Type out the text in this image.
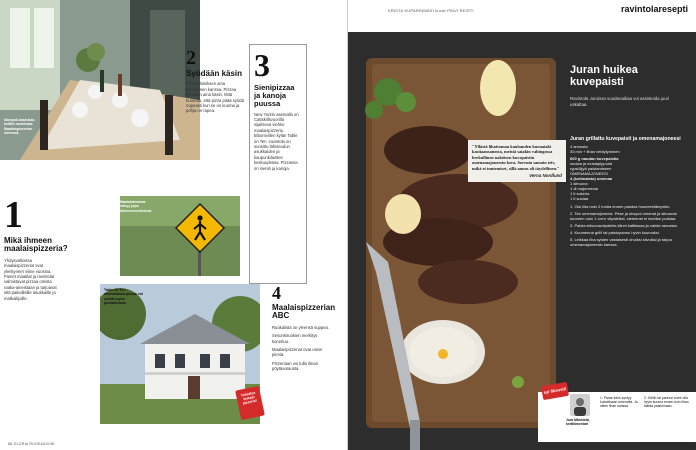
Sampoli-laadukas keittiö ravintolaa Maalaispizzerian vieressä.
2
Syödään käsin
Pizzaeläimiksen aina pizzaviinen kanssa. Pizzaa syödään aina käsin. Mitä huomaa, että pizza pitää syödä nopeasti kun se on kuuma ja pohja on rapea.
3
Sienipizzaa ja kanoja puussa
New Yorkin asemalla on Cattskillsvuorilla sijaitseva viehko maalaispizzeria. Bloomvillen kylän Table on Ten -ravintola on suosittu lähiseudun asukkaiden ja kaupunkilaisten keskuudessa. Pizzassa on sieniä ja kanoja.
1
Mikä ihmeen maalaispizzeria?
Yhdysvaltoissa maalaispizzeriat ovat yleistyneet viime vuosina. Pienet maatilat ja ravintolat valmistavat pizzaa omista raaka-aineistaan ja tarjoavat sitä paikallisille asukkaille ja matkailijoille.
Maalaisteemaa näkyy jopa liikennemerkeissä.
Table on Ten -ravintolassa pizzaa voi syödä myös puutarhassa.
Toimitus testasi pizzeria!
4
Maalaispizzerian ABC
Ruokalista on yleensä suppea.
Sesonkiruokien merkitys korostuu.
Maalaispizzeriat ovat usein pieniä.
Pizzeriaan voi tulla ilman pöytävarausta.
88 GLORIA RUOKA&VIINI
KRISTA KUPARINMÄKI kuvat PÄIVI REISTI	ravintolaresepti
Juran huikea kuvepaisti
Ravintola Juroissa vuodenaikaa voi assistoida juuri uskaltaa.
"Yllästä lihattoman kauhanden kuonaiaki kastiaansanosta, meistä saiakin vahingossa herkullinen naköisen kuvepaistin omenamajoneesin kera. Sorruin samoin teiv, mikä ei tuntemiset, sillä annos oli täydellinen."
Verna Nordlund
Juran grillattu kuvepaisti ja omenamajoneesi
4 annosta
30 min + lihan vetäytyminen
600 g naudan kuvepaistia
suolaa ja mustapippuria
rypsiöljyä paistamiseen
OMENAMAJONEESI
4 (kotimaista) omenaa
1 sitruuna
1 dl majoneesia
1 tl sokeria
1 tl suolaa
1. Ota liha noin 2 tuntia ennen paistoa huoneenlämpöön.
2. Tee omenamajoneesi. Pese ja sivupoi omenat ja sitruunat kuoreen noin 1 cm:n viipaleiksi, siemenet ei tarvitse poistaa.
3. Paista sitruunaviipaleita kiinni kattilassa ja valuta rasvasta.
4. Kuumenna grilli tai paistopannu hyvin kuumaksi.
5. Leikkaa liha syiden vastaisesti ohuiksi siivuiksi ja tarjoa omenamajoneesin kanssa.
syi fiksusti!
Jura Männistö, keittiömestari
1. Paras tulos syntyy kuivattuaan omenoita. Ja sitten lihan kanssa.
2. Grillin tai pannun tulee olla hyvin kuuma ennen kuin lihan laittaa paistumaan.
GLORIA RUOKA&VIINI 89
